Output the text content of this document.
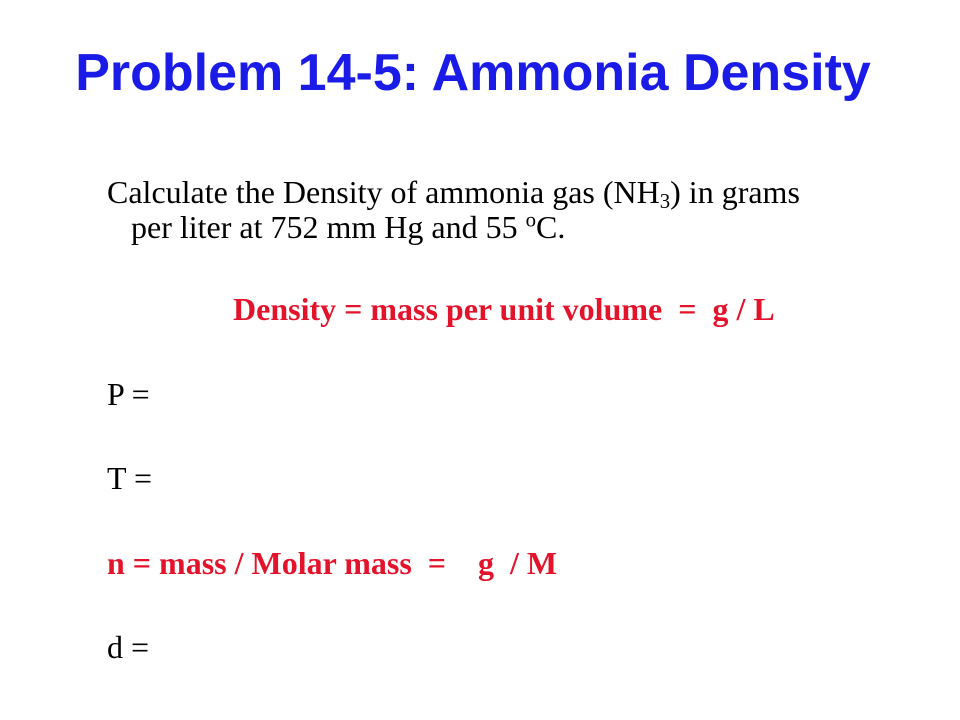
Problem 14-5: Ammonia Density
Calculate the Density of ammonia gas $(NH_3)$ in grams
per liter at 752 mm Hg and 55 $^o$C.
Density = mass per unit volume  =  g / L
P =
T =
n = mass / Molar mass  =    g  / M
d =
